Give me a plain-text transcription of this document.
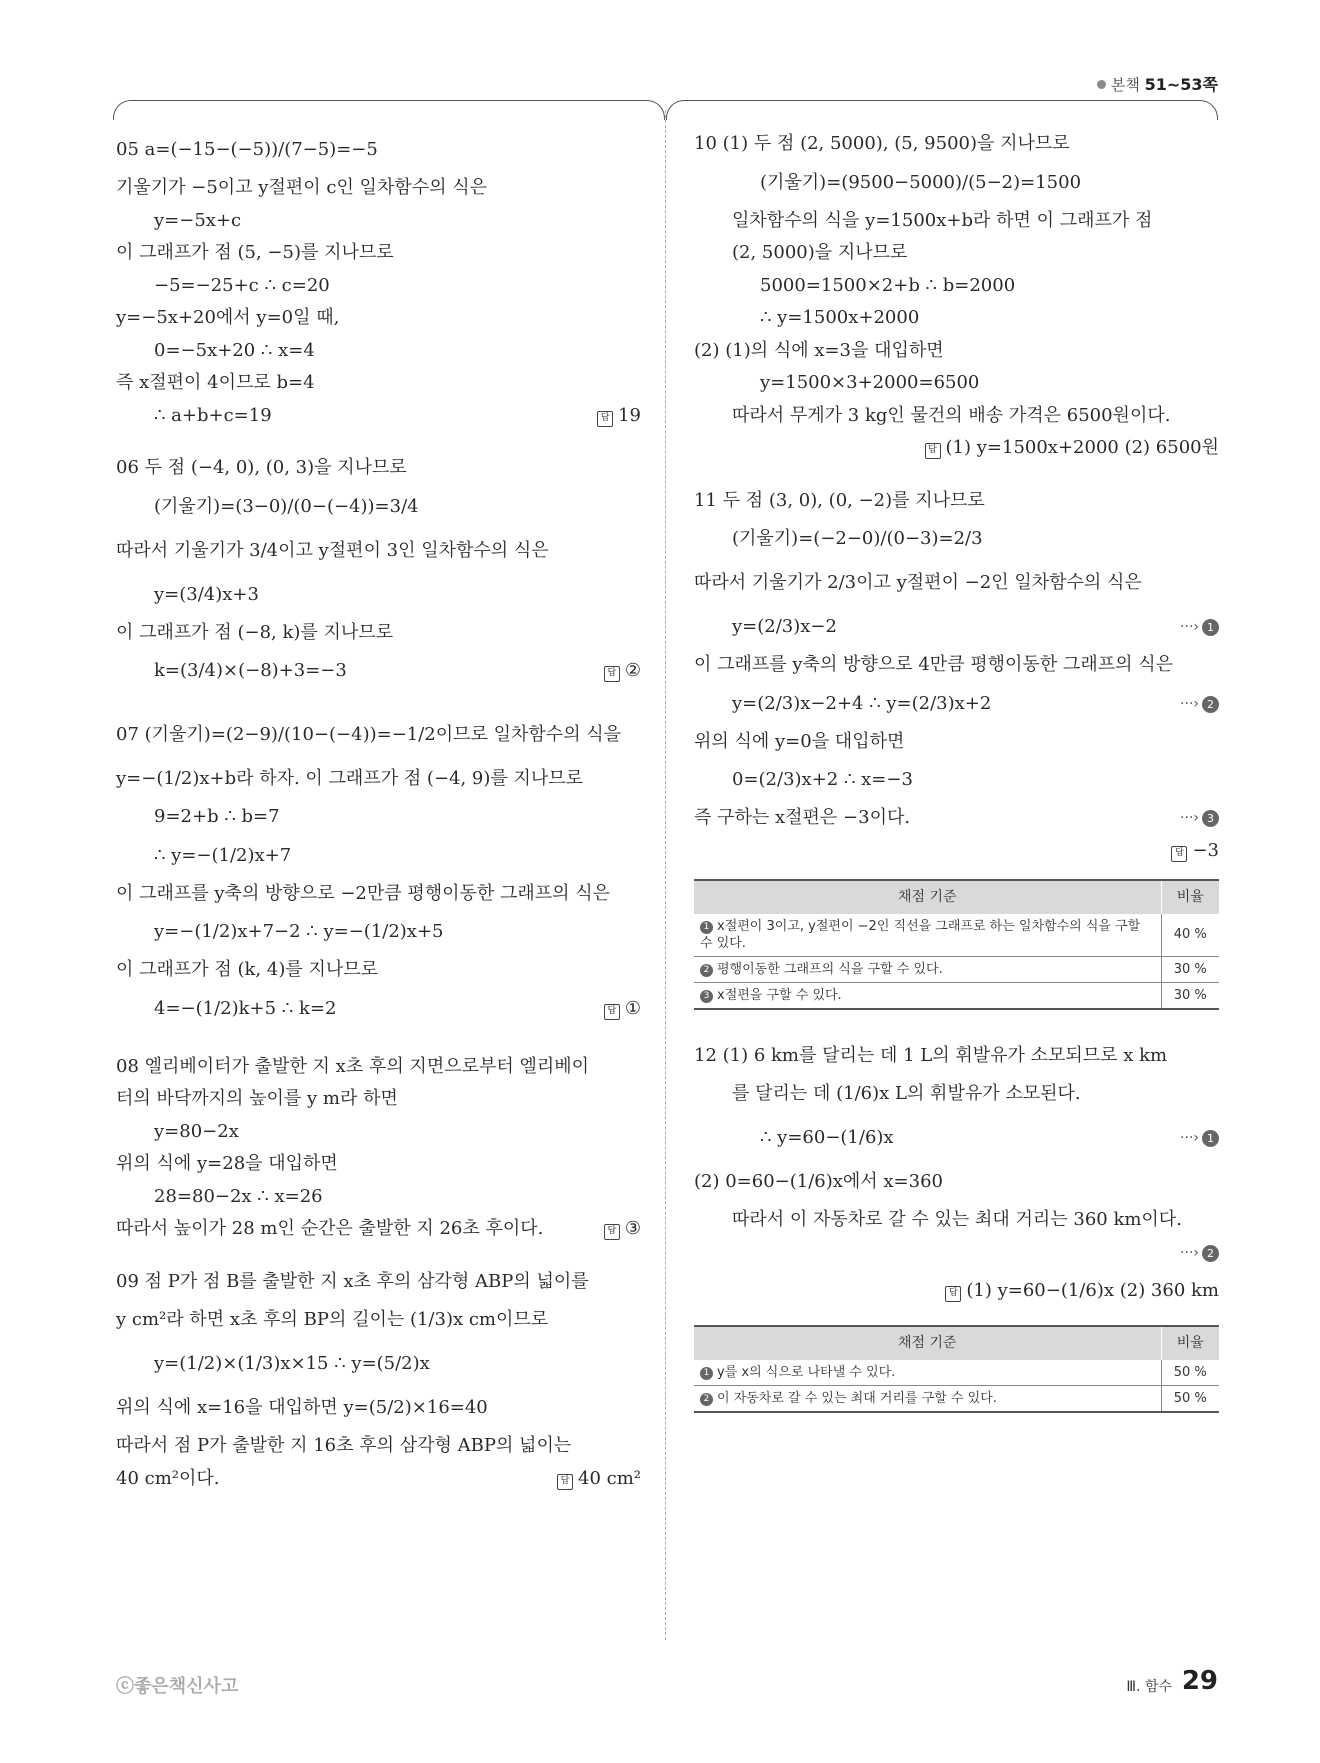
본책 51~53쪽
05 a=(−15−(−5))/(7−5)=−5
기울기가 −5이고 y절편이 c인 일차함수의 식은
y=−5x+c
이 그래프가 점 (5, −5)를 지나므로
−5=−25+c ∴ c=20
y=−5x+20에서 y=0일 때,
0=−5x+20 ∴ x=4
즉 x절편이 4이므로 b=4
∴ a+b+c=19	답 19
06 두 점 (−4, 0), (0, 3)을 지나므로
(기울기)=(3−0)/(0−(−4))=3/4
따라서 기울기가 3/4이고 y절편이 3인 일차함수의 식은
y=(3/4)x+3
이 그래프가 점 (−8, k)를 지나므로
k=(3/4)×(−8)+3=−3	답 ②
07 (기울기)=(2−9)/(10−(−4))=−1/2이므로 일차함수의 식을
y=−(1/2)x+b라 하자. 이 그래프가 점 (−4, 9)를 지나므로
9=2+b ∴ b=7
∴ y=−(1/2)x+7
이 그래프를 y축의 방향으로 −2만큼 평행이동한 그래프의 식은
y=−(1/2)x+7−2 ∴ y=−(1/2)x+5
이 그래프가 점 (k, 4)를 지나므로
4=−(1/2)k+5 ∴ k=2	답 ①
08 엘리베이터가 출발한 지 x초 후의 지면으로부터 엘리베이
터의 바닥까지의 높이를 y m라 하면
y=80−2x
위의 식에 y=28을 대입하면
28=80−2x ∴ x=26
따라서 높이가 28 m인 순간은 출발한 지 26초 후이다.	답 ③
09 점 P가 점 B를 출발한 지 x초 후의 삼각형 ABP의 넓이를
y cm²라 하면 x초 후의 BP의 길이는 (1/3)x cm이므로
y=(1/2)×(1/3)x×15 ∴ y=(5/2)x
위의 식에 x=16을 대입하면 y=(5/2)×16=40
따라서 점 P가 출발한 지 16초 후의 삼각형 ABP의 넓이는
40 cm²이다.	답 40 cm²
10 (1) 두 점 (2, 5000), (5, 9500)을 지나므로
(기울기)=(9500−5000)/(5−2)=1500
일차함수의 식을 y=1500x+b라 하면 이 그래프가 점
(2, 5000)을 지나므로
5000=1500×2+b ∴ b=2000
∴ y=1500x+2000
(2) (1)의 식에 x=3을 대입하면
y=1500×3+2000=6500
따라서 무게가 3 kg인 물건의 배송 가격은 6500원이다.
답 (1) y=1500x+2000 (2) 6500원
11 두 점 (3, 0), (0, −2)를 지나므로
(기울기)=(−2−0)/(0−3)=2/3
따라서 기울기가 2/3이고 y절편이 −2인 일차함수의 식은
y=(2/3)x−2	···› 1
이 그래프를 y축의 방향으로 4만큼 평행이동한 그래프의 식은
y=(2/3)x−2+4 ∴ y=(2/3)x+2	···› 2
위의 식에 y=0을 대입하면
0=(2/3)x+2 ∴ x=−3
즉 구하는 x절편은 −3이다.	···› 3
답 −3
채점 기준	비율
1 x절편이 3이고, y절편이 −2인 직선을 그래프로 하는 일차함수의 식을 구할 수 있다.	40 %
2 평행이동한 그래프의 식을 구할 수 있다.	30 %
3 x절편을 구할 수 있다.	30 %
12 (1) 6 km를 달리는 데 1 L의 휘발유가 소모되므로 x km
를 달리는 데 (1/6)x L의 휘발유가 소모된다.
∴ y=60−(1/6)x	···› 1
(2) 0=60−(1/6)x에서 x=360
따라서 이 자동차로 갈 수 있는 최대 거리는 360 km이다.
···› 2
답 (1) y=60−(1/6)x (2) 360 km
채점 기준	비율
1 y를 x의 식으로 나타낼 수 있다.	50 %
2 이 자동차로 갈 수 있는 최대 거리를 구할 수 있다.	50 %
ⓒ좋은책신사고	Ⅲ. 함수 29
